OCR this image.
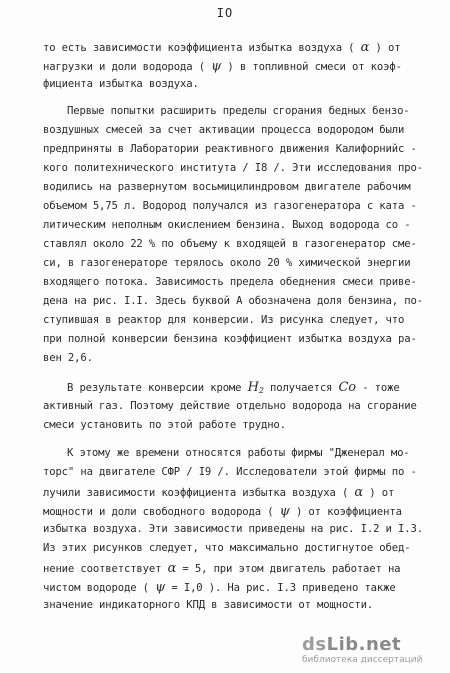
IO
то есть зависимости коэффициента избытка воздуха ( α ) от
нагрузки и доли водорода ( ψ ) в топливной смеси от коэф-
фициента избытка воздуха.
Первые попытки расширить пределы сгорания бедных бензо-
воздушных смесей за счет активации процесса водородом были
предприняты в Лаборатории реактивного движения Калифорнийс -
кого политехнического института / I8 /. Эти исследования про-
водились на развернутом восьмицилиндровом двигателе рабочим
объемом 5,75 л. Водород получался из газогенератора с ката -
литическим неполным окислением бензина. Выход водорода со -
ставлял около 22 % по объему к входящей в газогенератор сме-
си, в газогенераторе терялось около 20 % химической энергии
входящего потока. Зависимость предела обеднения смеси приве-
дена на рис. I.I. Здесь буквой А обозначена доля бензина, по-
ступившая в реактор для конверсии. Из рисунка следует, что
при полной конверсии бензина коэффициент избытка воздуха ра-
вен 2,6.
В результате конверсии кроме $H_2$ получается Co - тоже
активный газ. Поэтому действие отдельно водорода на сгорание
смеси установить по этой работе трудно.
К этому же времени относятся работы фирмы "Дженерал мо-
торс" на двигателе CФР / I9 /. Исследователи этой фирмы по -
лучили зависимости коэффициента избытка воздуха ( α ) от
мощности и доли свободного водорода ( ψ ) от коэффициента
избытка воздуха. Эти зависимости приведены на рис. I.2 и I.3.
Из этих рисунков следует, что максимально достигнутое обед-
нение соответствует α = 5, при этом двигатель работает на
чистом водороде ( ψ = I,0 ). На рис. I.3 приведено также
значение индикаторного КПД в зависимости от мощности.
dsLib.net
библиотека диссертаций
